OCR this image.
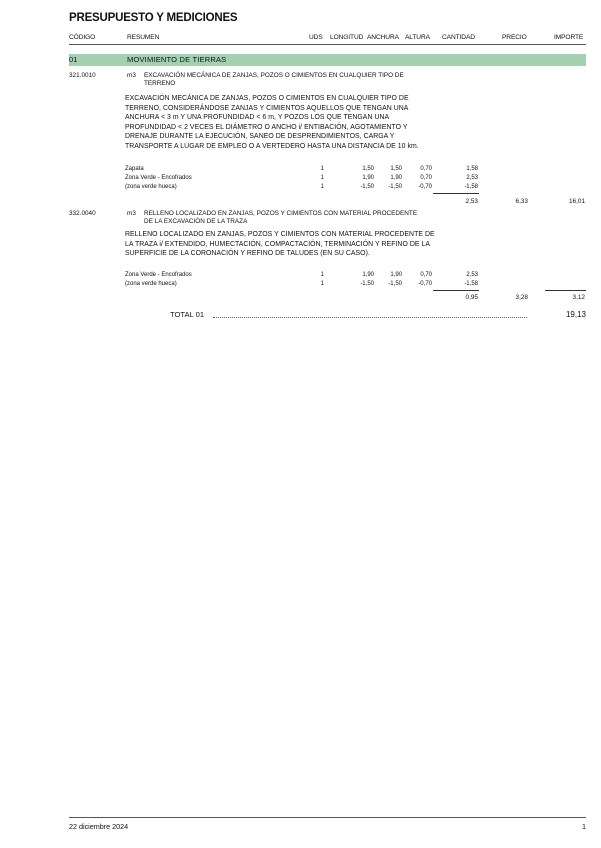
PRESUPUESTO Y MEDICIONES
CÓDIGO	RESUMEN	UDS LONGITUD ANCHURA ALTURA CANTIDAD	PRECIO	IMPORTE
01	MOVIMIENTO DE TIERRAS
321.0010	m3 EXCAVACIÓN MECÁNICA DE ZANJAS, POZOS O CIMIENTOS EN CUALQUIER TIPO DE TERRENO
EXCAVACIÓN MECÁNICA DE ZANJAS, POZOS O CIMIENTOS EN CUALQUIER TIPO DE TERRENO, CONSIDERÁNDOSE ZANJAS Y CIMIENTOS AQUELLOS QUE TENGAN UNA ANCHURA < 3 m Y UNA PROFUNDIDAD < 6 m, Y POZOS LOS QUE TENGAN UNA PROFUNDIDAD < 2 VECES EL DIÁMETRO O ANCHO i/ ENTIBACIÓN, AGOTAMIENTO Y DRENAJE DURANTE LA EJECUCIÓN, SANEO DE DESPRENDIMIENTOS, CARGA Y TRANSPORTE A LUGAR DE EMPLEO O A VERTEDERO HASTA UNA DISTANCIA DE 10 km.
Zapata	1	1,50	1,50	0,70	1,58
Zona Verde - Encofrados	1	1,90	1,90	0,70	2,53
(zona verde hueca)	1	-1,50	-1,50	-0,70	-1,58
2,53	6,33	16,01
332.0040	m3 RELLENO LOCALIZADO EN ZANJAS, POZOS Y CIMIENTOS CON MATERIAL PROCEDENTE DE LA EXCAVACIÓN DE LA TRAZA
RELLENO LOCALIZADO EN ZANJAS, POZOS Y CIMIENTOS CON MATERIAL PROCEDENTE DE LA TRAZA i/ EXTENDIDO, HUMECTACIÓN, COMPACTACIÓN, TERMINACIÓN Y REFINO DE LA SUPERFICIE DE LA CORONACIÓN Y REFINO DE TALUDES (EN SU CASO).
Zona Verde - Encofrados	1	1,90	1,90	0,70	2,53
(zona verde hueca)	1	-1,50	-1,50	-0,70	-1,58
0,95	3,28	3,12
TOTAL 01	19,13
22 diciembre 2024	1
